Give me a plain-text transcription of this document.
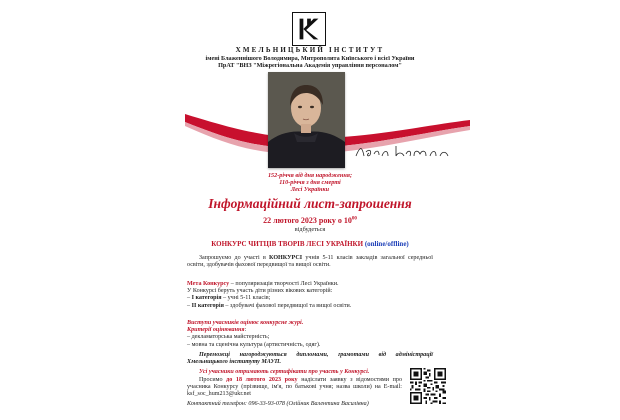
ХМЕЛЬНИЦЬКИЙ ІНСТИТУТ
імені Блаженнішого Володимира, Митрополита Київського і всієї України
ПрАТ "ВНЗ "Міжрегіональна Академія управління персоналом"
152-річчя від дня народження;
110-річчя з дня смерті
Лесі Українки
Інформаційний лист-запрошення
22 лютого 2023 року о $10^{00}$
відбудеться
КОНКУРС ЧИТЦІВ ТВОРІВ ЛЕСІ УКРАЇНКИ (online/offline)
Запрошуємо до участі в КОНКУРСІ учнів 5-11 класів закладів загальної середньої освіти, здобувачів фахової передвищої та вищої освіти.

Мета Конкурсу – популяризація творчості Лесі Українки.

У Конкурсі беруть участь діти різних вікових категорій:

– І категорія – учні 5-11 класів;

– ІІ категорія – здобувачі фахової передвищої та вищої освіти.

Виступи учасників оцінює конкурсне журі.

Критерії оцінювання:

– декламаторська майстерність;

– мовна та сценічна культура (артистичність, одяг).

Переможці нагороджуються дипломами, грамотами від адміністрації Хмельницького інституту МАУП.
Усі учасники отримають сертифікати про участь у Конкурсі.
Просимо до 18 лютого 2023 року надіслати заявку з відомостями про учасника Конкурсу (прізвище, ім'я, по батькові учня; назва школи) на E-mail: ksf_soc_hum213@ukr.net
Контактний телефон: 096-33-93-078 (Олійник Валентина Василівна)
